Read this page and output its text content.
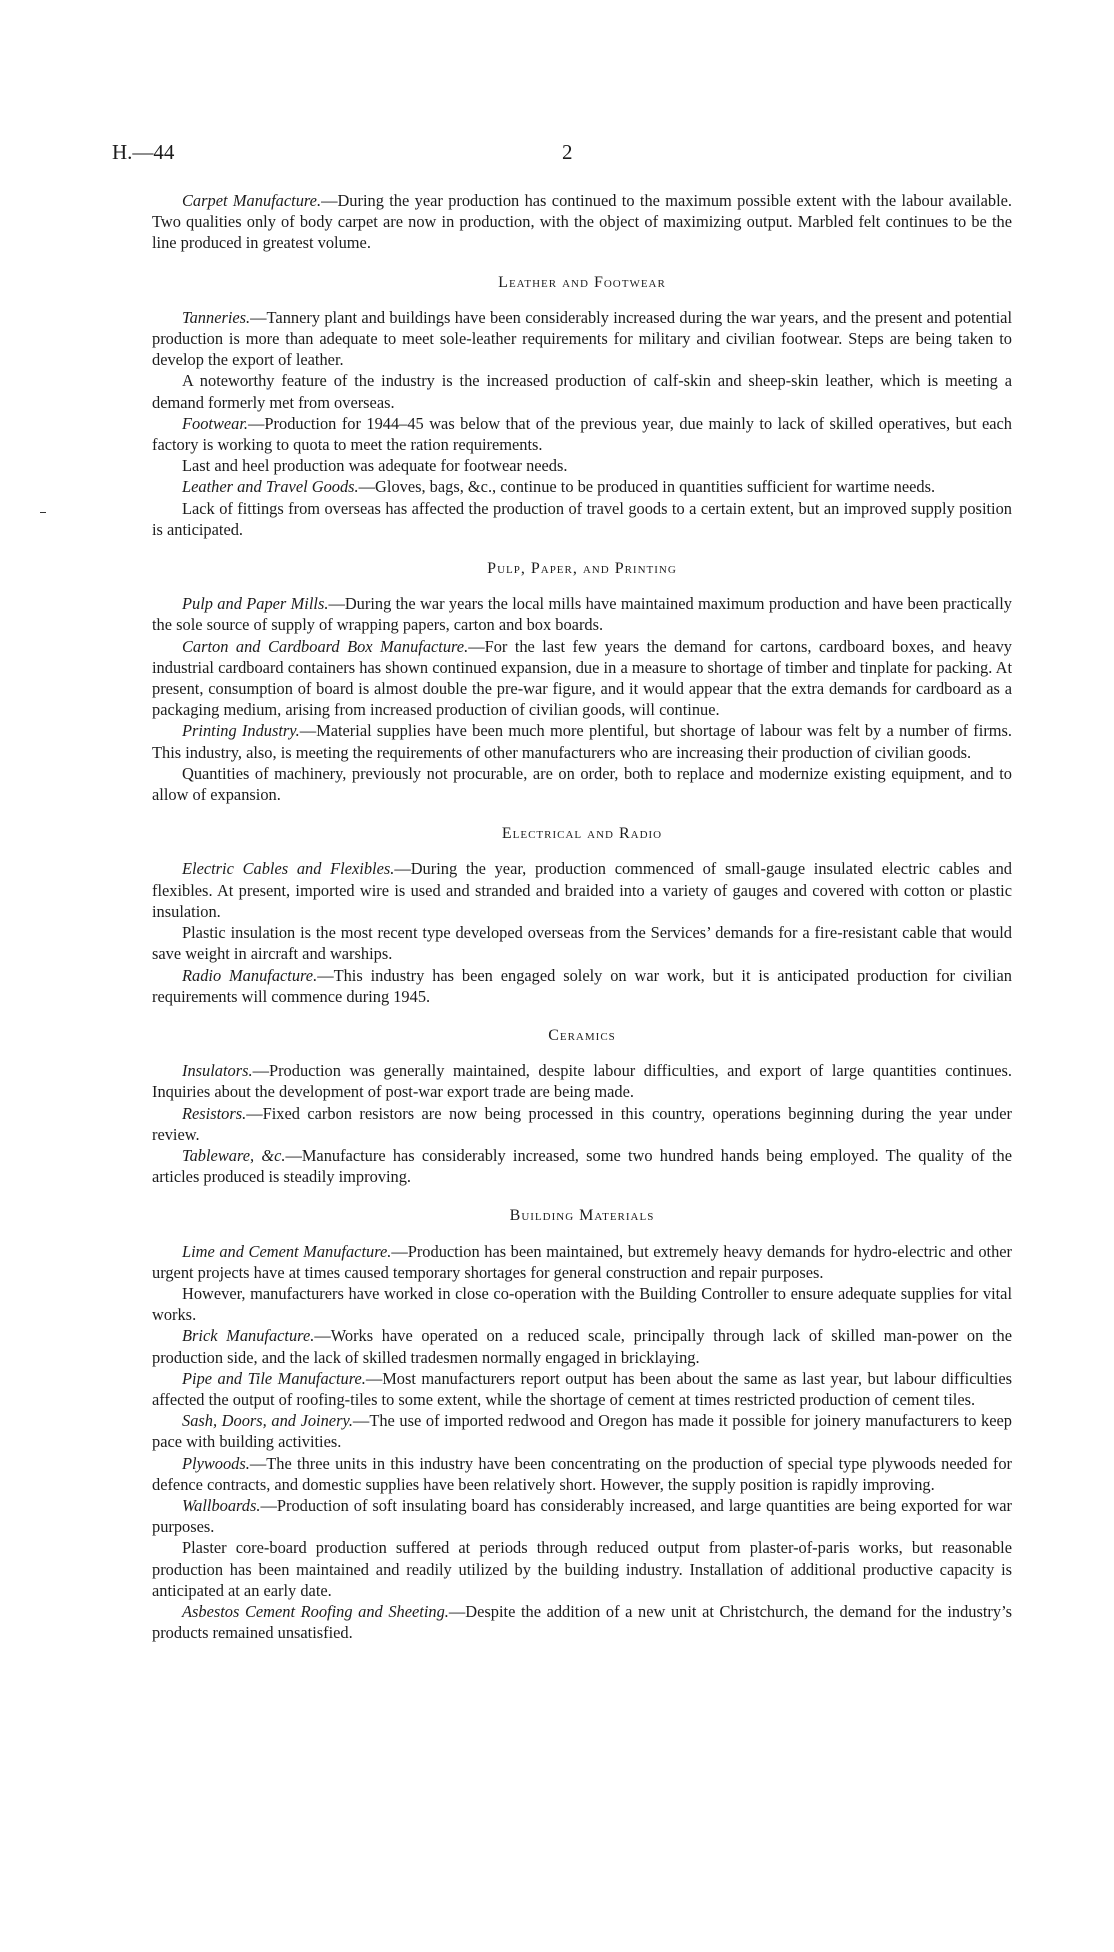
H.—44	2

Carpet Manufacture.—During the year production has continued to the maximum possible extent with the labour available. Two qualities only of body carpet are now in production, with the object of maximizing output. Marbled felt continues to be the line produced in greatest volume.

Leather and Footwear

Tanneries.—Tannery plant and buildings have been considerably increased during the war years, and the present and potential production is more than adequate to meet sole-leather requirements for military and civilian footwear. Steps are being taken to develop the export of leather.

A noteworthy feature of the industry is the increased production of calf-skin and sheep-skin leather, which is meeting a demand formerly met from overseas.

Footwear.—Production for 1944–45 was below that of the previous year, due mainly to lack of skilled operatives, but each factory is working to quota to meet the ration requirements.

Last and heel production was adequate for footwear needs.

Leather and Travel Goods.—Gloves, bags, &c., continue to be produced in quantities sufficient for wartime needs.

Lack of fittings from overseas has affected the production of travel goods to a certain extent, but an improved supply position is anticipated.

Pulp, Paper, and Printing

Pulp and Paper Mills.—During the war years the local mills have maintained maximum production and have been practically the sole source of supply of wrapping papers, carton and box boards.

Carton and Cardboard Box Manufacture.—For the last few years the demand for cartons, cardboard boxes, and heavy industrial cardboard containers has shown continued expansion, due in a measure to shortage of timber and tinplate for packing. At present, consumption of board is almost double the pre-war figure, and it would appear that the extra demands for cardboard as a packaging medium, arising from increased production of civilian goods, will continue.

Printing Industry.—Material supplies have been much more plentiful, but shortage of labour was felt by a number of firms. This industry, also, is meeting the requirements of other manufacturers who are increasing their production of civilian goods.

Quantities of machinery, previously not procurable, are on order, both to replace and modernize existing equipment, and to allow of expansion.

Electrical and Radio

Electric Cables and Flexibles.—During the year, production commenced of small-gauge insulated electric cables and flexibles. At present, imported wire is used and stranded and braided into a variety of gauges and covered with cotton or plastic insulation.

Plastic insulation is the most recent type developed overseas from the Services’ demands for a fire-resistant cable that would save weight in aircraft and warships.

Radio Manufacture.—This industry has been engaged solely on war work, but it is anticipated production for civilian requirements will commence during 1945.

Ceramics

Insulators.—Production was generally maintained, despite labour difficulties, and export of large quantities continues. Inquiries about the development of post-war export trade are being made.

Resistors.—Fixed carbon resistors are now being processed in this country, operations beginning during the year under review.

Tableware, &c.—Manufacture has considerably increased, some two hundred hands being employed. The quality of the articles produced is steadily improving.

Building Materials

Lime and Cement Manufacture.—Production has been maintained, but extremely heavy demands for hydro-electric and other urgent projects have at times caused temporary shortages for general construction and repair purposes.

However, manufacturers have worked in close co-operation with the Building Controller to ensure adequate supplies for vital works.

Brick Manufacture.—Works have operated on a reduced scale, principally through lack of skilled man-power on the production side, and the lack of skilled tradesmen normally engaged in bricklaying.

Pipe and Tile Manufacture.—Most manufacturers report output has been about the same as last year, but labour difficulties affected the output of roofing-tiles to some extent, while the shortage of cement at times restricted production of cement tiles.

Sash, Doors, and Joinery.—The use of imported redwood and Oregon has made it possible for joinery manufacturers to keep pace with building activities.

Plywoods.—The three units in this industry have been concentrating on the production of special type plywoods needed for defence contracts, and domestic supplies have been relatively short. However, the supply position is rapidly improving.

Wallboards.—Production of soft insulating board has considerably increased, and large quantities are being exported for war purposes.

Plaster core-board production suffered at periods through reduced output from plaster-of-paris works, but reasonable production has been maintained and readily utilized by the building industry. Installation of additional productive capacity is anticipated at an early date.

Asbestos Cement Roofing and Sheeting.—Despite the addition of a new unit at Christchurch, the demand for the industry’s products remained unsatisfied.
